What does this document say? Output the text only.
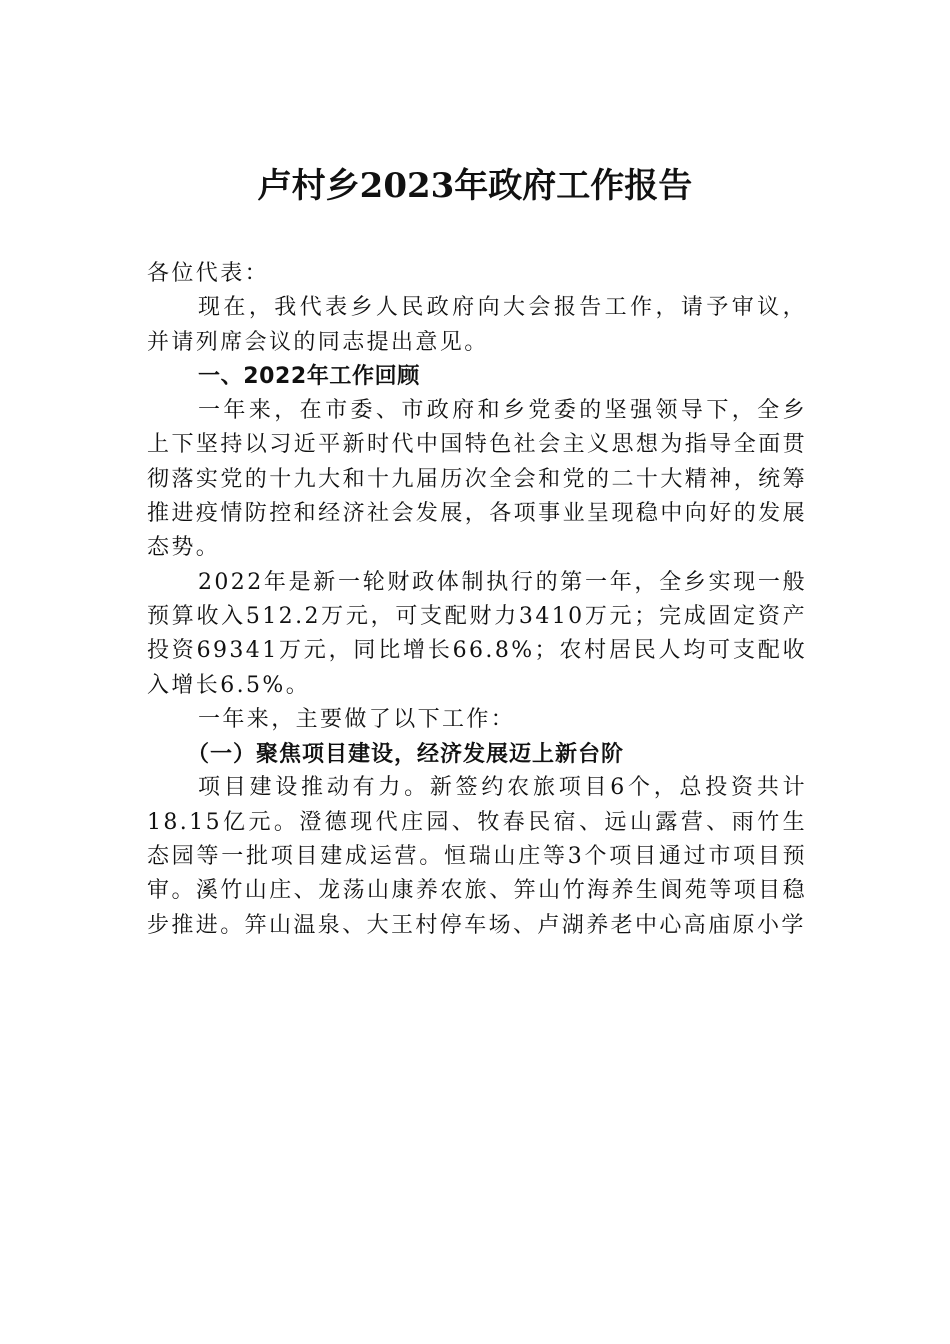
卢村乡2023年政府工作报告

各位代表：

现在，我代表乡人民政府向大会报告工作，请予审议，并请列席会议的同志提出意见。

一、2022年工作回顾

一年来，在市委、市政府和乡党委的坚强领导下，全乡上下坚持以习近平新时代中国特色社会主义思想为指导全面贯彻落实党的十九大和十九届历次全会和党的二十大精神，统筹推进疫情防控和经济社会发展，各项事业呈现稳中向好的发展态势。

2022年是新一轮财政体制执行的第一年，全乡实现一般预算收入512.2万元，可支配财力3410万元；完成固定资产投资69341万元，同比增长66.8%；农村居民人均可支配收入增长6.5%。

一年来，主要做了以下工作：

（一）聚焦项目建设，经济发展迈上新台阶

项目建设推动有力。新签约农旅项目6个，总投资共计18.15亿元。澄德现代庄园、牧春民宿、远山露营、雨竹生态园等一批项目建成运营。恒瑞山庄等3个项目通过市项目预审。溪竹山庄、龙荡山康养农旅、笄山竹海养生阆苑等项目稳步推进。笄山温泉、大王村停车场、卢湖养老中心高庙原小学
